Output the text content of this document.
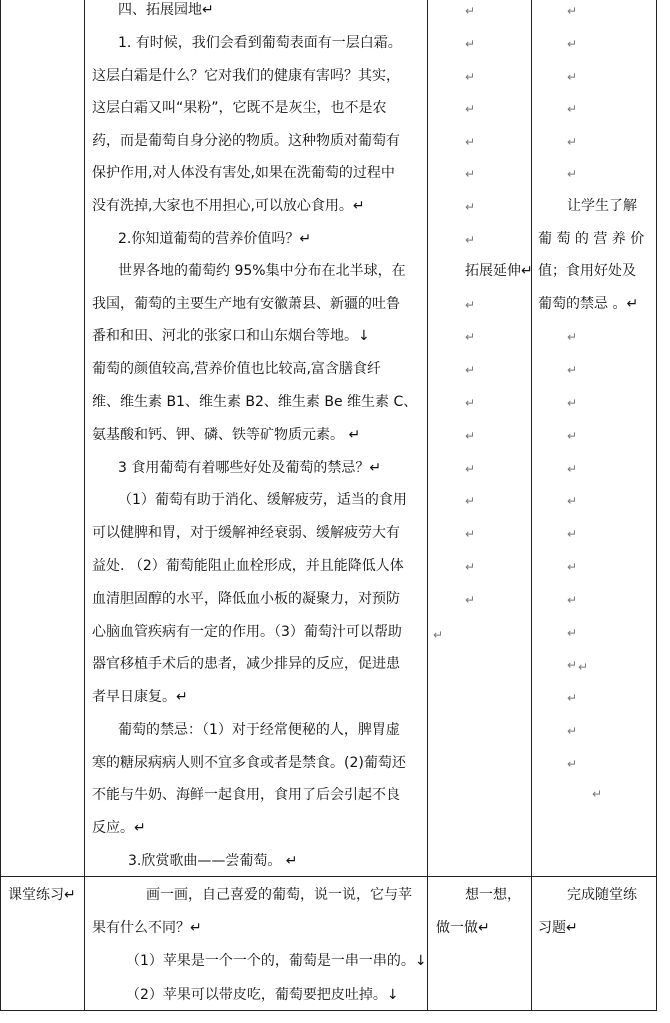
↵
↵
↵
↵
↵
↵
↵
↵
↵
↵
↵
↵
↵
↵
↵
↵
↵
↵
↵
↵
↵
↵
↵
↵
↵
↵
↵
↵
↵
↵
↵
↵
↵
↵
↵
↵
↵
↵
↵
↵
↵
四、拓展园地↵
1. 有时候，我们会看到葡萄表面有一层白霜。
这层白霜是什么？它对我们的健康有害吗？其实，
这层白霜又叫“果粉”，它既不是灰尘，也不是农
药，而是葡萄自身分泌的物质。这种物质对葡萄有
保护作用,对人体没有害处,如果在洗葡萄的过程中
没有洗掉,大家也不用担心,可以放心食用。↵
2.你知道葡萄的营养价值吗？↵
世界各地的葡萄约 95%集中分布在北半球，在
我国，葡萄的主要生产地有安徽萧县、新疆的吐鲁
番和和田、河北的张家口和山东烟台等地。↓
葡萄的颜值较高,营养价值也比较高,富含膳食纤
维、维生素 B1、维生素 B2、维生素 Be 维生素 C、
氨基酸和钙、钾、磷、铁等矿物质元素。 ↵
3 食用葡萄有着哪些好处及葡萄的禁忌？↵
（1）葡萄有助于消化、缓解疲劳，适当的食用
可以健脾和胃，对于缓解神经衰弱、缓解疲劳大有
益处. （2）葡萄能阻止血栓形成，并且能降低人体
血清胆固醇的水平，降低血小板的凝聚力，对预防
心脑血管疾病有一定的作用。（3）葡萄汁可以帮助
器官移植手术后的患者，减少排异的反应，促进患
者早日康复。↵
葡萄的禁忌：（1）对于经常便秘的人，脾胃虚
寒的糖尿病病人则不宜多食或者是禁食。(2)葡萄还
不能与牛奶、海鲜一起食用，食用了后会引起不良
反应。↵
3.欣赏歌曲——尝葡萄。 ↵
画一画，自己喜爱的葡萄，说一说，它与苹
果有什么不同？↵
（1）苹果是一个一个的，葡萄是一串一串的。↓
（2）苹果可以带皮吃，葡萄要把皮吐掉。↓
拓展延伸↵
想一想，
做一做↵
让学生了解
葡 萄 的 营 养 价
值；食用好处及
葡萄的禁忌 。↵
完成随堂练
习题↵
课堂练习↵
